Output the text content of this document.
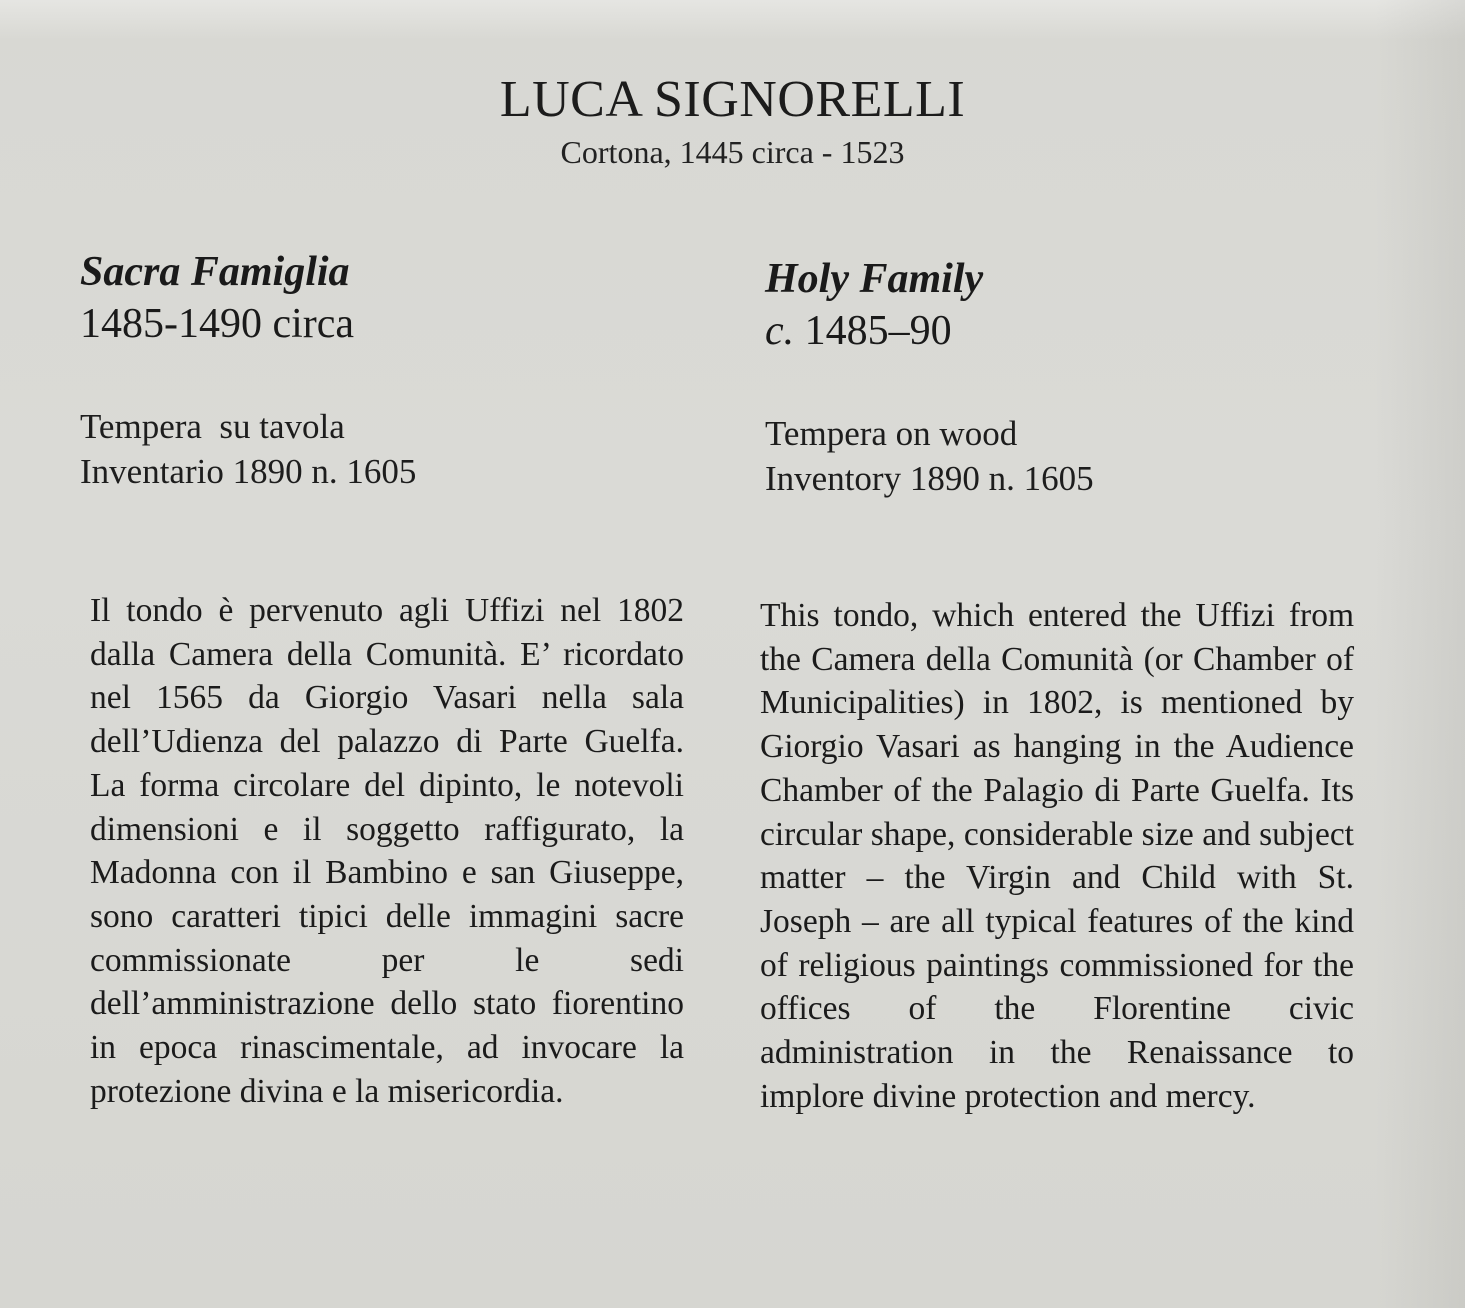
LUCA SIGNORELLI
Cortona, 1445 circa - 1523
Sacra Famiglia
1485-1490 circa
Tempera  su tavola
Inventario 1890 n. 1605
Holy Family
c. 1485–90
Tempera on wood
Inventory 1890 n. 1605

Il tondo è pervenuto agli Uffizi nel 1802 dalla Camera della Comunità. E’ ricordato nel 1565 da Giorgio Vasari nella sala dell’Udienza del palazzo di Parte Guelfa. La forma circolare del dipinto, le notevoli dimensioni e il soggetto raffigurato, la Madonna con il Bambino e san Giuseppe, sono caratteri tipici delle immagini sacre commissionate per le sedi dell’amministrazione dello stato fiorentino in epoca rinascimentale, ad invocare la protezione divina e la misericordia.

This tondo, which entered the Uffizi from the Camera della Comunità (or Chamber of Municipalities) in 1802, is mentioned by Giorgio Vasari as hanging in the Audience Chamber of the Palagio di Parte Guelfa. Its circular shape, considerable size and subject matter – the Virgin and Child with St. Joseph – are all typical features of the kind of religious paintings commissioned for the offices of the Florentine civic administration in the Renaissance to implore divine protection and mercy.
